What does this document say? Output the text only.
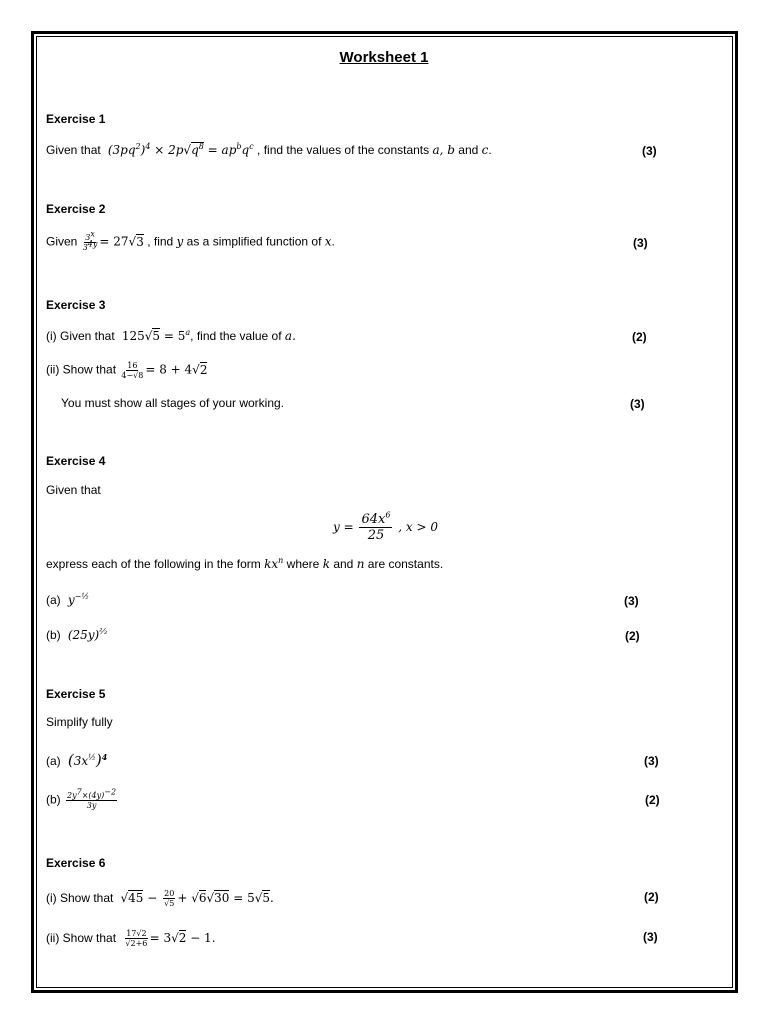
Worksheet 1
Exercise 1
Given that  $(3pq^2)^4 \times 2p√q^8 = ap^bq^c$ , find the values of the constants a, b and c.	(3)
Exercise 2
Given $\frac{3^x}{3^{4y}} = 27√3$ , find y as a simplified function of x.	(3)
Exercise 3
(i) Given that  $125√5 = 5^a$, find the value of a.	(2)
(ii) Show that $\frac{16}{4-√8} = 8 + 4√2$
You must show all stages of your working.	(3)
Exercise 4
Given that
$y = \frac{64x^6}{25}$ , x > 0
express each of the following in the form $kx^n$ where k and n are constants.
(a)  $y^{-\frac{1}{2}}$	(3)
(b)  $(25y)^{\frac{2}{3}}$	(2)
Exercise 5
Simplify fully
(a) $(3x^{\frac{1}{2}})^4$	(3)
$(b) \frac{2y^7\times(4y)^{-2}}{3y}$	(2)
Exercise 6
(i) Show that  $√45 - \frac{20}{√5} + √6√30 = 5√5$.	(2)
(ii) Show that $\frac{17√2}{√2+6} = 3√2 - 1$.	(3)
